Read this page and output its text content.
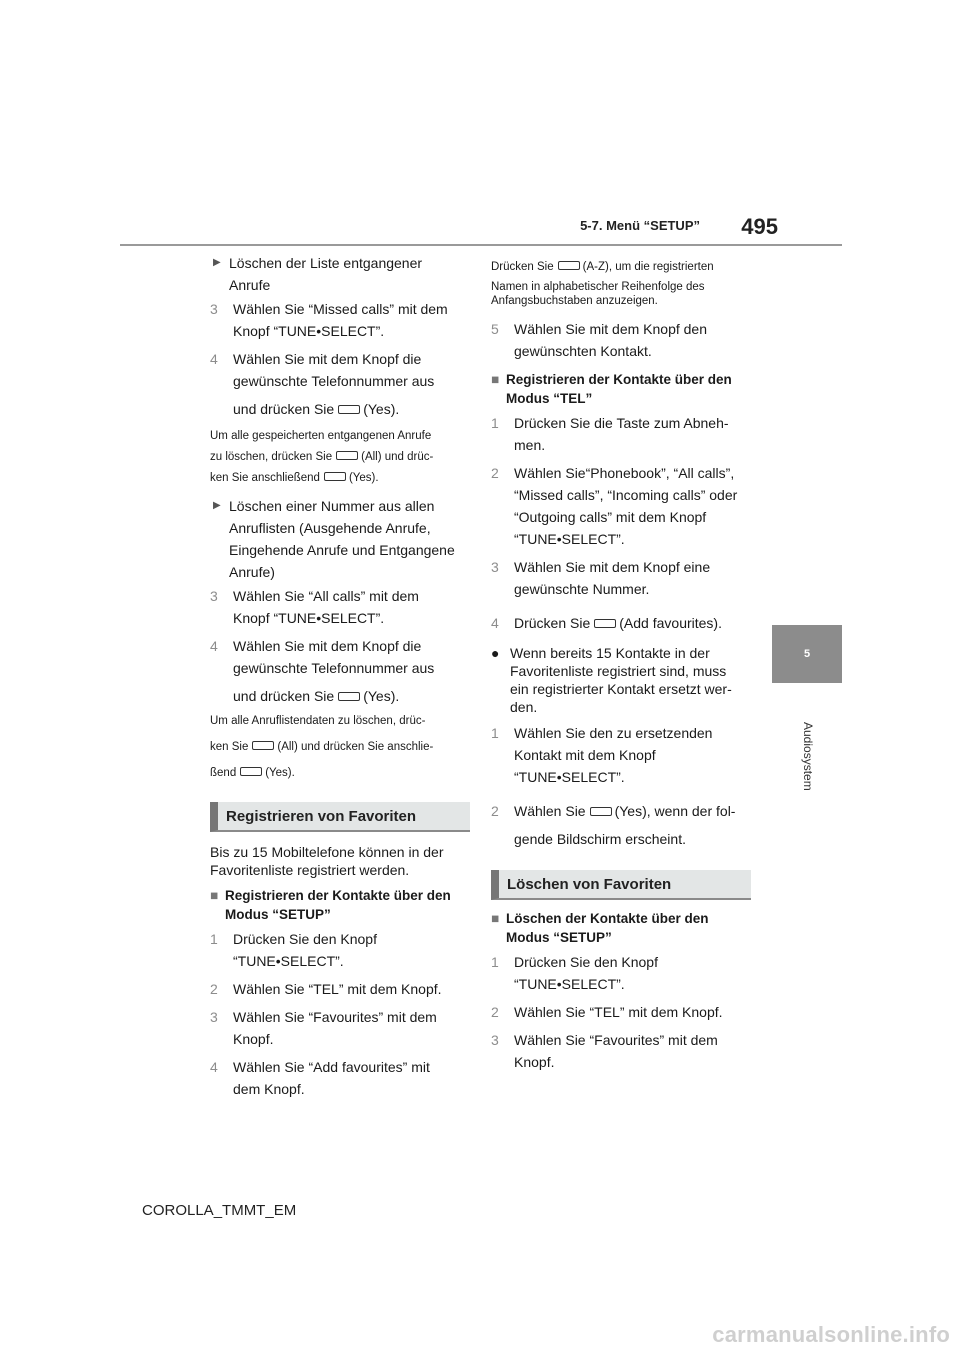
5-7. Menü “SETUP”	495
5
Audiosystem
▶ Löschen der Liste entgangener Anrufe
3 Wählen Sie “Missed calls” mit dem Knopf “TUNE•SELECT”.
4 Wählen Sie mit dem Knopf die gewünschte Telefonnummer aus
und drücken Sie (Yes).
Um alle gespeicherten entgangenen Anrufe
zu löschen, drücken Sie	(All) und drüc-
ken Sie anschließend	(Yes).
▶ Löschen einer Nummer aus allen Anruflisten (Ausgehende Anrufe, Eingehende Anrufe und Entgangene Anrufe)
3 Wählen Sie “All calls” mit dem Knopf “TUNE•SELECT”.
4 Wählen Sie mit dem Knopf die gewünschte Telefonnummer aus
und drücken Sie (Yes).
Um alle Anruflistendaten zu löschen, drüc-
ken Sie	(All) und drücken Sie anschlie-
ßend	(Yes).
Registrieren von Favoriten
Bis zu 15 Mobiltelefone können in der Favoritenliste registriert werden.
■ Registrieren der Kontakte über den Modus “SETUP”
1 Drücken Sie den Knopf “TUNE•SELECT”.
2 Wählen Sie “TEL” mit dem Knopf.
3 Wählen Sie “Favourites” mit dem Knopf.
4 Wählen Sie “Add favourites” mit dem Knopf.
Drücken Sie	(A-Z), um die registrierten
Namen in alphabetischer Reihenfolge des Anfangsbuchstaben anzuzeigen.
5 Wählen Sie mit dem Knopf den gewünschten Kontakt.
■ Registrieren der Kontakte über den Modus “TEL”
1 Drücken Sie die Taste zum Abneh- men.
2 Wählen Sie“Phonebook”, “All calls”, “Missed calls”, “Incoming calls” oder “Outgoing calls” mit dem Knopf “TUNE•SELECT”.
3 Wählen Sie mit dem Knopf eine gewünschte Nummer.
4 Drücken Sie (Add favourites).
● Wenn bereits 15 Kontakte in der Favoritenliste registriert sind, muss ein registrierter Kontakt ersetzt wer- den.
1 Wählen Sie den zu ersetzenden Kontakt mit dem Knopf “TUNE•SELECT”.
2 Wählen Sie (Yes), wenn der fol-
gende Bildschirm erscheint.
Löschen von Favoriten
■ Löschen der Kontakte über den Modus “SETUP”
1 Drücken Sie den Knopf “TUNE•SELECT”.
2 Wählen Sie “TEL” mit dem Knopf.
3 Wählen Sie “Favourites” mit dem Knopf.
COROLLA_TMMT_EM
carmanualsonline.info
